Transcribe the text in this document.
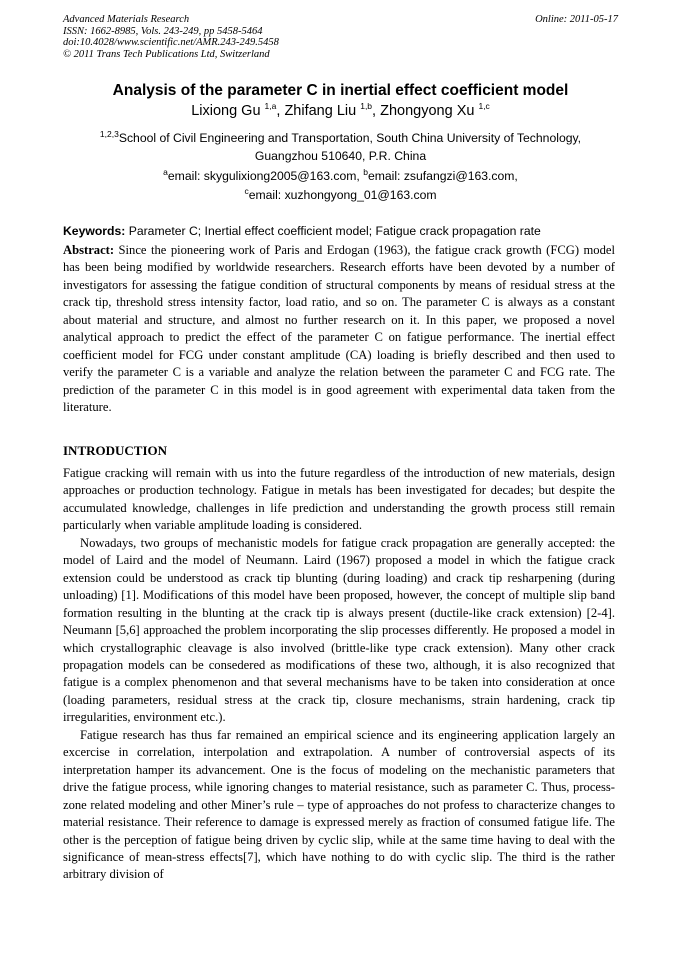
Advanced Materials Research
ISSN: 1662-8985, Vols. 243-249, pp 5458-5464
doi:10.4028/www.scientific.net/AMR.243-249.5458
© 2011 Trans Tech Publications Ltd, Switzerland
Online: 2011-05-17
Analysis of the parameter C in inertial effect coefficient model
Lixiong Gu $^{1,a}$, Zhifang Liu $^{1,b}$, Zhongyong Xu $^{1,c}$
$^{1,2,3}$School of Civil Engineering and Transportation, South China University of Technology,
Guangzhou 510640, P.R. China
$^a$email: skygulixiong2005@163.com, $^b$email: zsufangzi@163.com,
$^c$email: xuzhongyong_01@163.com
Keywords: Parameter C; Inertial effect coefficient model; Fatigue crack propagation rate
Abstract: Since the pioneering work of Paris and Erdogan (1963), the fatigue crack growth (FCG) model has been being modified by worldwide researchers. Research efforts have been devoted by a number of investigators for assessing the fatigue condition of structural components by means of residual stress at the crack tip, threshold stress intensity factor, load ratio, and so on. The parameter C is always as a constant about material and structure, and almost no further research on it. In this paper, we proposed a novel analytical approach to predict the effect of the parameter C on fatigue performance. The inertial effect coefficient model for FCG under constant amplitude (CA) loading is briefly described and then used to verify the parameter C is a variable and analyze the relation between the parameter C and FCG rate. The prediction of the parameter C in this model is in good agreement with experimental data taken from the literature.
INTRODUCTION

Fatigue cracking will remain with us into the future regardless of the introduction of new materials, design approaches or production technology. Fatigue in metals has been investigated for decades; but despite the accumulated knowledge, challenges in life prediction and understanding the growth process still remain particularly when variable amplitude loading is considered.

Nowadays, two groups of mechanistic models for fatigue crack propagation are generally accepted: the model of Laird and the model of Neumann. Laird (1967) proposed a model in which the fatigue crack extension could be understood as crack tip blunting (during loading) and crack tip resharpening (during unloading) [1]. Modifications of this model have been proposed, however, the concept of multiple slip band formation resulting in the blunting at the crack tip is always present (ductile-like crack extension) [2-4]. Neumann [5,6] approached the problem incorporating the slip processes differently. He proposed a model in which crystallographic cleavage is also involved (brittle-like type crack extension). Many other crack propagation models can be consedered as modifications of these two, although, it is also recognized that fatigue is a complex phenomenon and that several mechanisms have to be taken into consideration at once (loading parameters, residual stress at the crack tip, closure mechanisms, strain hardening, crack tip irregularities, environment etc.).

Fatigue research has thus far remained an empirical science and its engineering application largely an excercise in correlation, interpolation and extrapolation. A number of controversial aspects of its interpretation hamper its advancement. One is the focus of modeling on the mechanistic parameters that drive the fatigue process, while ignoring changes to material resistance, such as parameter C. Thus, process-zone related modeling and other Miner’s rule – type of approaches do not profess to characterize changes to material resistance. Their reference to damage is expressed merely as fraction of consumed fatigue life. The other is the perception of fatigue being driven by cyclic slip, while at the same time having to deal with the significance of mean-stress effects[7], which have nothing to do with cyclic slip. The third is the rather arbitrary division of
